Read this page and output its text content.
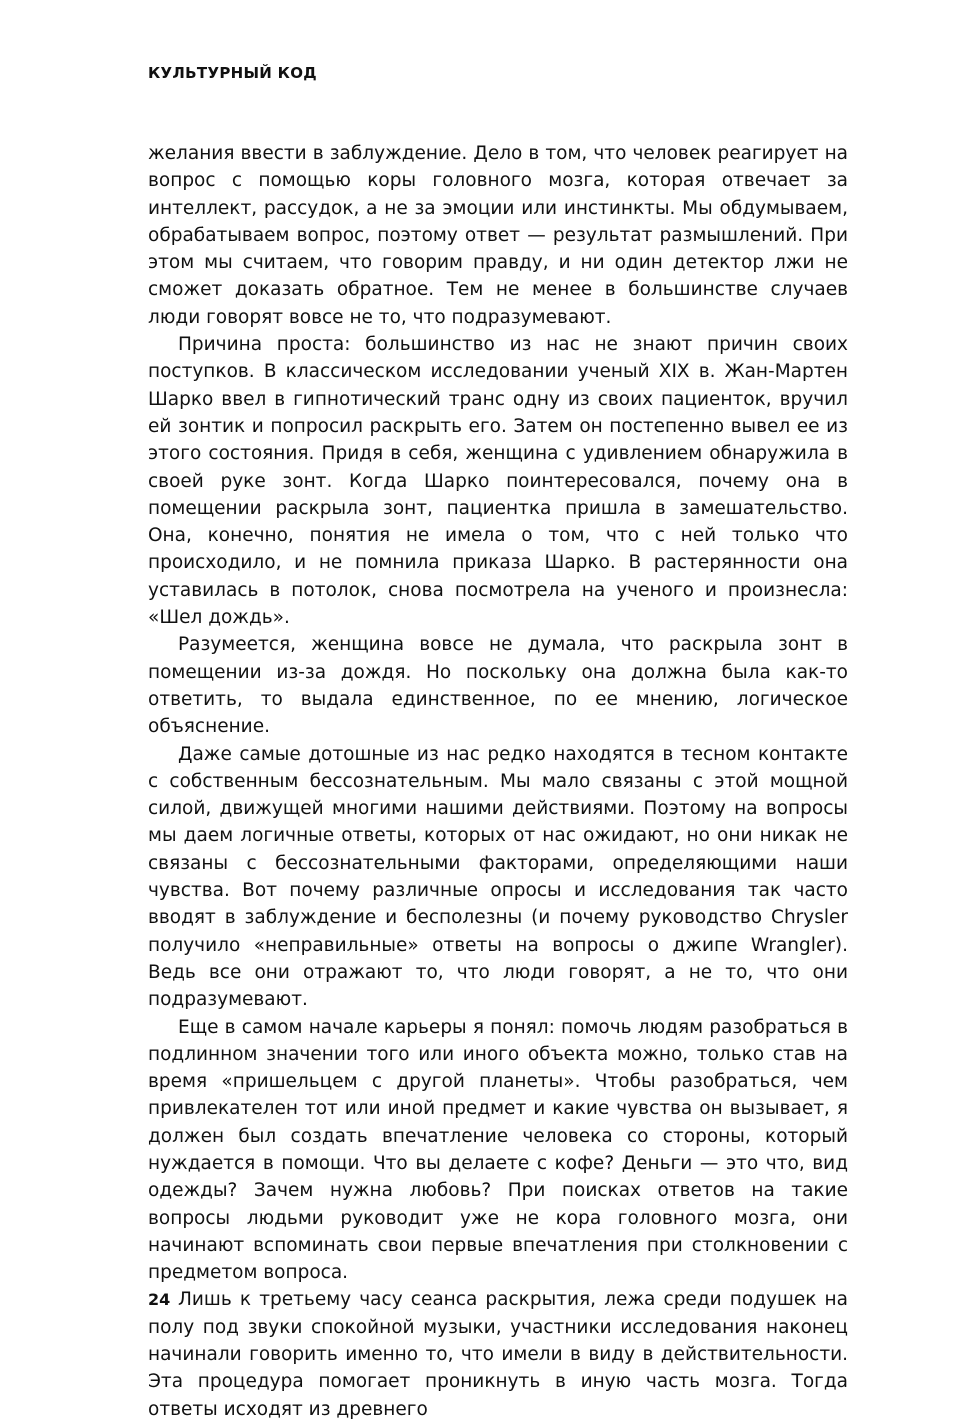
КУЛЬТУРНЫЙ КОД

желания ввести в заблуждение. Дело в том, что человек реагирует на вопрос с помощью коры головного мозга, которая отвечает за интеллект, рассудок, а не за эмоции или инстинкты. Мы обдумываем, обрабатываем вопрос, поэтому ответ — результат размышлений. При этом мы считаем, что говорим правду, и ни один детектор лжи не сможет доказать обратное. Тем не менее в большинстве случаев люди говорят вовсе не то, что подразумевают.

Причина проста: большинство из нас не знают причин своих поступков. В классическом исследовании ученый XIX в. Жан-Мартен Шарко ввел в гипнотический транс одну из своих пациенток, вручил ей зонтик и попросил раскрыть его. Затем он постепенно вывел ее из этого состояния. Придя в себя, женщина с удивлением обнаружила в своей руке зонт. Когда Шарко поинтересовался, почему она в помещении раскрыла зонт, пациентка пришла в замешательство. Она, конечно, понятия не имела о том, что с ней только что происходило, и не помнила приказа Шарко. В растерянности она уставилась в потолок, снова посмотрела на ученого и произнесла: «Шел дождь».

Разумеется, женщина вовсе не думала, что раскрыла зонт в помещении из-за дождя. Но поскольку она должна была как-то ответить, то выдала единственное, по ее мнению, логическое объяснение.

Даже самые дотошные из нас редко находятся в тесном контакте с собственным бессознательным. Мы мало связаны с этой мощной силой, движущей многими нашими действиями. Поэтому на вопросы мы даем логичные ответы, которых от нас ожидают, но они никак не связаны с бессознательными факторами, определяющими наши чувства. Вот почему различные опросы и исследования так часто вводят в заблуждение и бесполезны (и почему руководство Chrysler получило «неправильные» ответы на вопросы о джипе Wrangler). Ведь все они отражают то, что люди говорят, а не то, что они подразумевают.

Еще в самом начале карьеры я понял: помочь людям разобраться в подлинном значении того или иного объекта можно, только став на время «пришельцем с другой планеты». Чтобы разобраться, чем привлекателен тот или иной предмет и какие чувства он вызывает, я должен был создать впечатление человека со стороны, который нуждается в помощи. Что вы делаете с кофе? Деньги — это что, вид одежды? Зачем нужна любовь? При поисках ответов на такие вопросы людьми руководит уже не кора головного мозга, они начинают вспоминать свои первые впечатления при столкновении с предметом вопроса.

Лишь к третьему часу сеанса раскрытия, лежа среди подушек на полу под звуки спокойной музыки, участники исследования наконец начинали говорить именно то, что имели в виду в действительности. Эта процедура помогает проникнуть в иную часть мозга. Тогда ответы исходят из древнего

24
